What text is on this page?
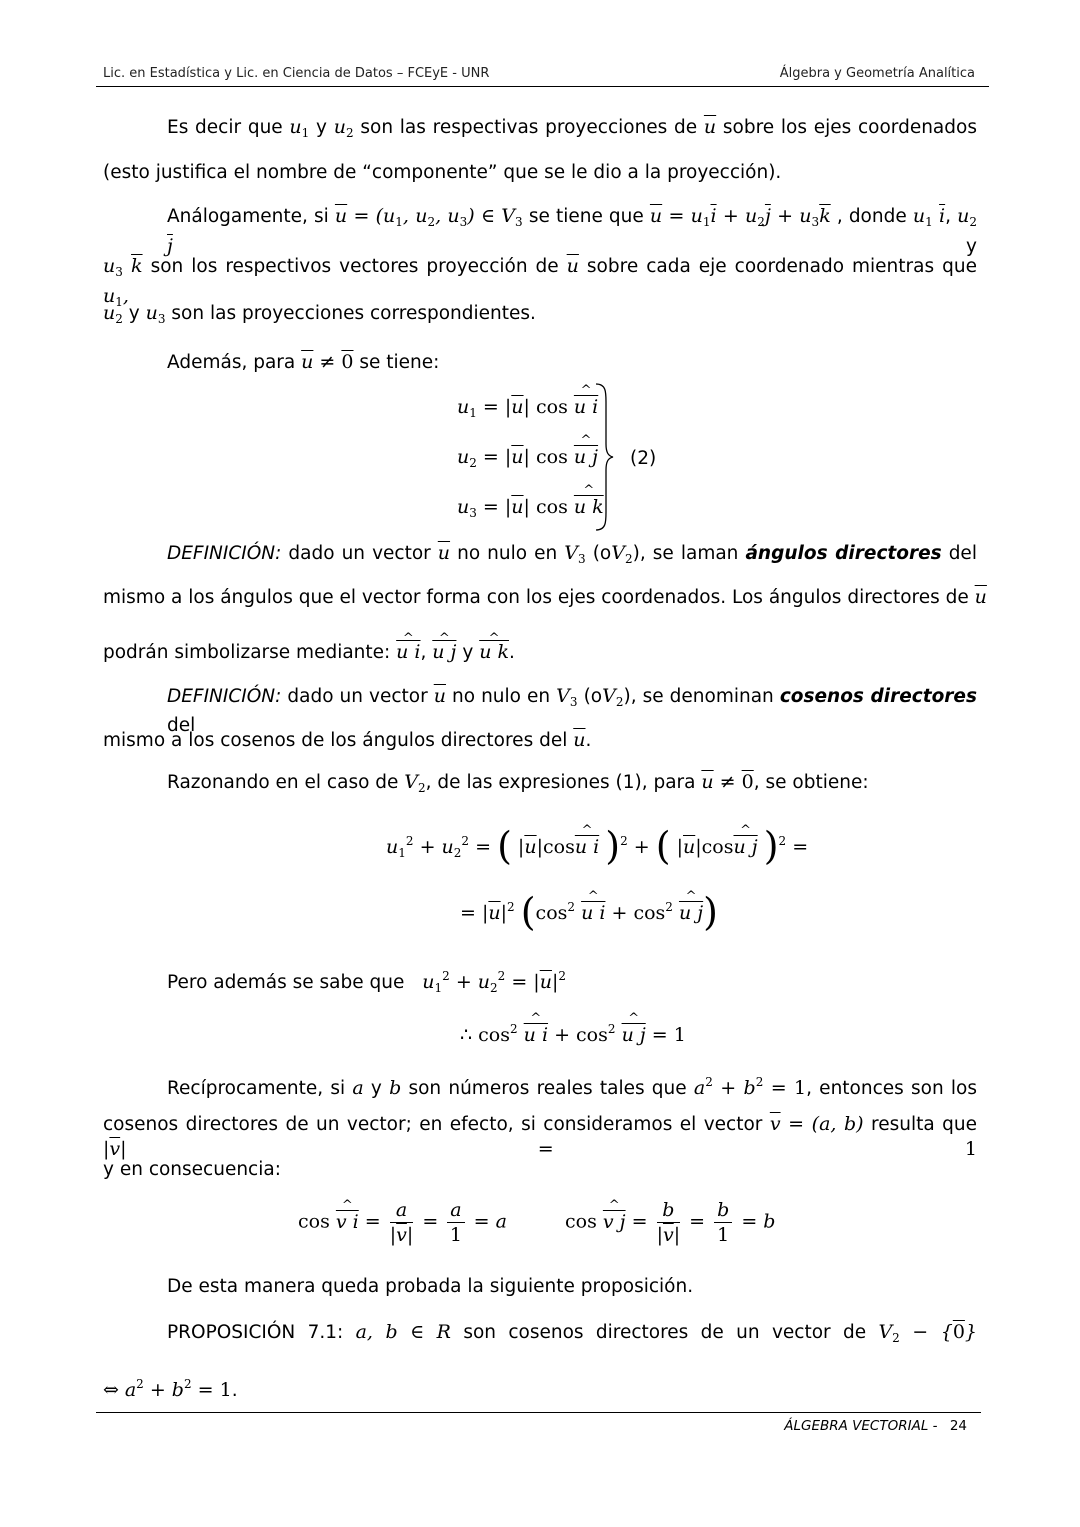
Lic. en Estadística y Lic. en Ciencia de Datos – FCEyE - UNR	Álgebra y Geometría Analítica
Es decir que $u_1$ y $u_2$ son las respectivas proyecciones de $\overline{u}$ sobre los ejes coordenados
(esto justifica el nombre de “componente” que se le dio a la proyección).
Análogamente, si $\overline{u} = (u_1$, $u_2$, $u_3$) ∈ $V_3$ se tiene que $\overline{u} = u_1\overline{i} + u_2\overline{j} + u_3\overline{k}$ , donde $u_1$ $\overline{i}$, $u_2$ $\overline{j}$	y
$u_3$ $\overline{k}$ son los respectivos vectores proyección de $\overline{u}$ sobre cada eje coordenado mientras que $u_1$,
$u_2$ y $u_3$ son las proyecciones correspondientes.
Además, para $\overline{u} \ne 0$ se tiene:
$u_1 = |\overline{u}|$ cos ^ u i
$u_2 = |\overline{u}|$ cos ^ u j
$u_3 = |\overline{u}|$ cos ^ u k
(2)
DEFINICIÓN: dado un vector $\overline{u}$ no nulo en $V_3$ $(oV_2)$, se laman ángulos directores del
mismo a los ángulos que el vector forma con los ejes coordenados. Los ángulos directores de $\overline{u}$
podrán simbolizarse mediante: ^ u i, ^ u j y ^ u k.
DEFINICIÓN: dado un vector $\overline{u}$ no nulo en $V_3$ $(oV_2)$, se denominan cosenos directores del
mismo a los cosenos de los ángulos directores del $\overline{u}$.
Razonando en el caso de $V_2$, de las expresiones (1), para $\overline{u} \ne 0$, se obtiene:
$u_1^2 + u_2^2$ = ( $|\overline{u}|\cos\^{}$ u i )$^2$ + ( $|\overline{u}|\cos\^{}$ u j )$^2$ =
= $|\overline{u}|^2$ ($\cos^2$ ^ u $i + \cos^2$ ^ u j)
Pero además se sabe que $u_1^2 + u_2^2 = |\overline{u}|^2$
∴ $\cos^2$ ^ u $i + \cos^2$ ^ u j = 1
Recíprocamente, si a y b son números reales tales que $a^2 + b^2 = 1$, entonces son los
cosenos directores de un vector; en efecto, si consideramos el vector $\overline{v} = (a$, b) resulta que $|\overline{v}| = 1$
y en consecuencia:
cos ^ v $i = \frac{a}{|\overline{v}|} = \frac{a}{1} = a$	cos ^ v $j = \frac{b}{|\overline{v}|} = \frac{b}{1} = b$
De esta manera queda probada la siguiente proposición.
PROPOSICIÓN 7.1: a, b ∈ R son cosenos directores de un vector de $V_2 - \{0\}$
⇔ $a^2 + b^2 = 1$.
ÁLGEBRA VECTORIAL - 24
